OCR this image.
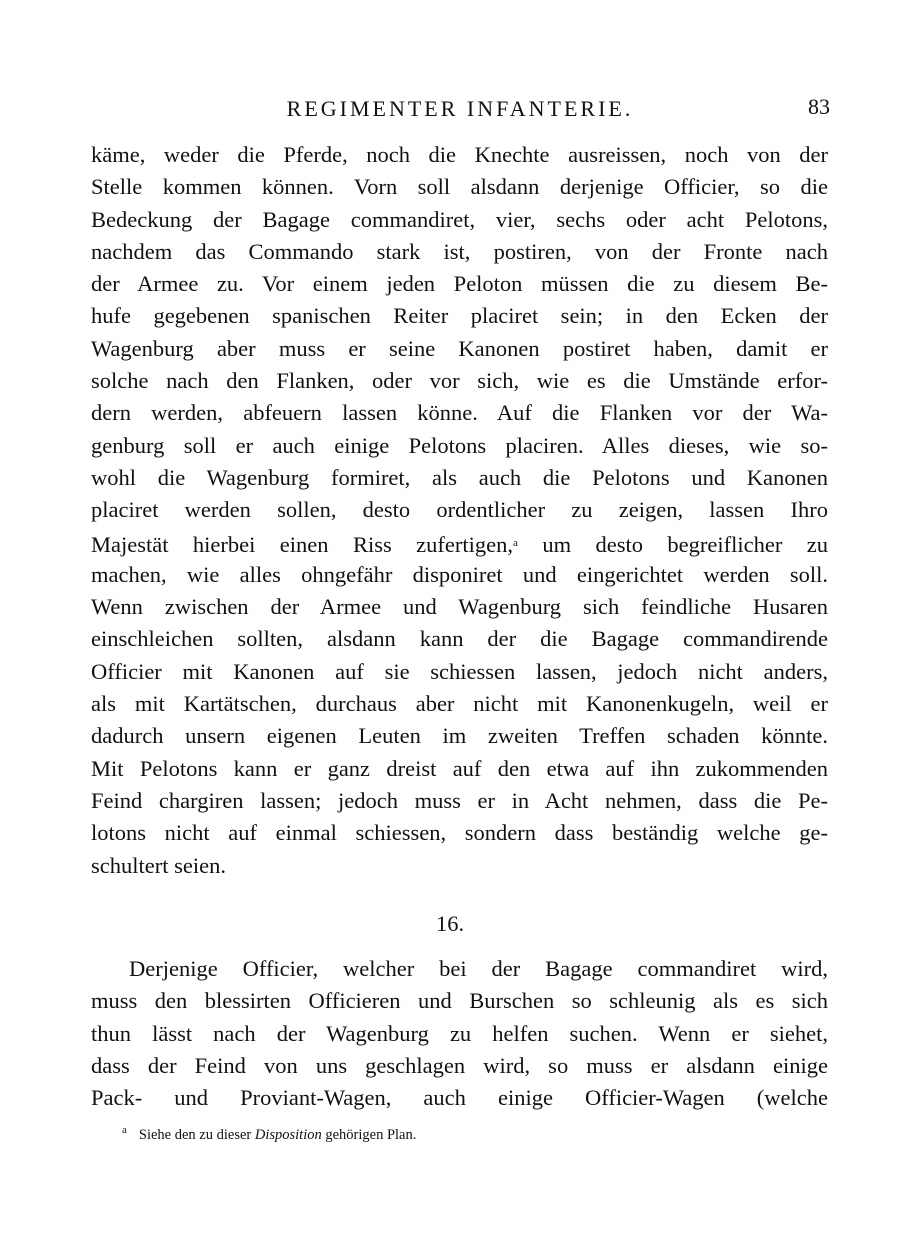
REGIMENTER INFANTERIE.	83
käme, weder die Pferde, noch die Knechte ausreissen, noch von der
Stelle kommen können. Vorn soll alsdann derjenige Officier, so die
Bedeckung der Bagage commandiret, vier, sechs oder acht Pelotons,
nachdem das Commando stark ist, postiren, von der Fronte nach
der Armee zu. Vor einem jeden Peloton müssen die zu diesem Be-
hufe gegebenen spanischen Reiter placiret sein; in den Ecken der
Wagenburg aber muss er seine Kanonen postiret haben, damit er
solche nach den Flanken, oder vor sich, wie es die Umstände erfor-
dern werden, abfeuern lassen könne. Auf die Flanken vor der Wa-
genburg soll er auch einige Pelotons placiren. Alles dieses, wie so-
wohl die Wagenburg formiret, als auch die Pelotons und Kanonen
placiret werden sollen, desto ordentlicher zu zeigen, lassen Ihro
Majestät hierbei einen Riss zufertigen,$^a$ um desto begreiflicher zu
machen, wie alles ohngefähr disponiret und eingerichtet werden soll.
Wenn zwischen der Armee und Wagenburg sich feindliche Husaren
einschleichen sollten, alsdann kann der die Bagage commandirende
Officier mit Kanonen auf sie schiessen lassen, jedoch nicht anders,
als mit Kartätschen, durchaus aber nicht mit Kanonenkugeln, weil er
dadurch unsern eigenen Leuten im zweiten Treffen schaden könnte.
Mit Pelotons kann er ganz dreist auf den etwa auf ihn zukommenden
Feind chargiren lassen; jedoch muss er in Acht nehmen, dass die Pe-
lotons nicht auf einmal schiessen, sondern dass beständig welche ge-
schultert seien.
16.
Derjenige Officier, welcher bei der Bagage commandiret wird,
muss den blessirten Officieren und Burschen so schleunig als es sich
thun lässt nach der Wagenburg zu helfen suchen. Wenn er siehet,
dass der Feind von uns geschlagen wird, so muss er alsdann einige
Pack- und Proviant-Wagen, auch einige Officier-Wagen (welche
$^a$ Siehe den zu dieser Disposition gehörigen Plan.
